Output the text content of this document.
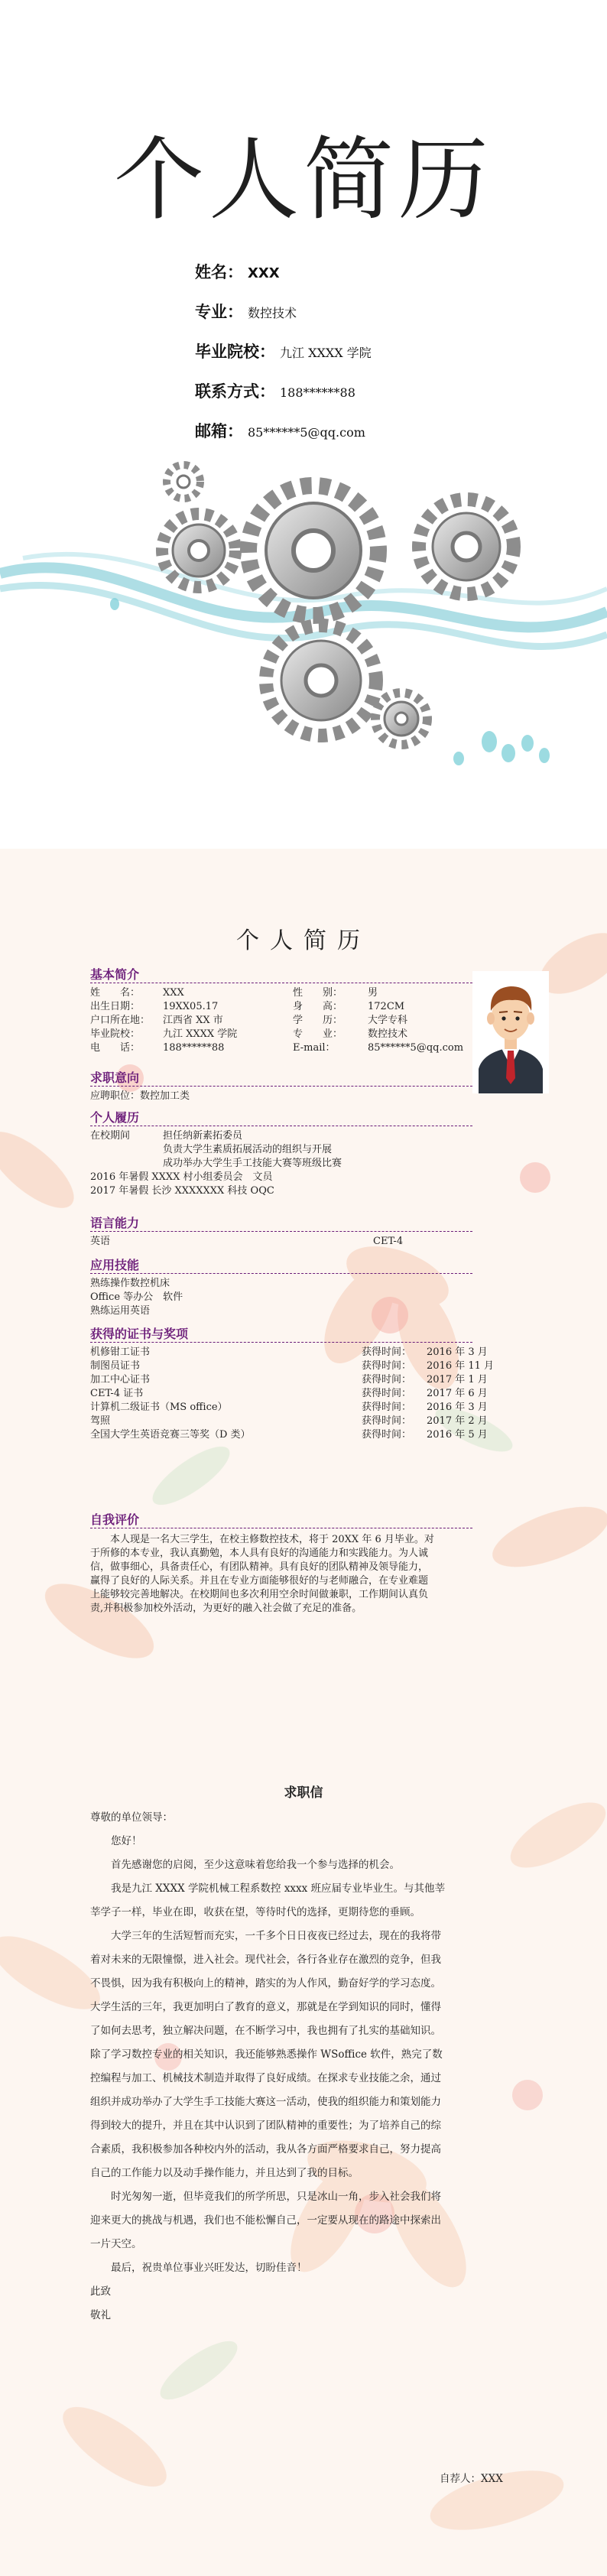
个人简历
姓名： XXX
专业： 数控技术
毕业院校： 九江 XXXX 学院
联系方式： 188******88
邮箱： 85******5@qq.com
个人简历
基本简介
姓　　名： XXX	性　　别：	男
出生日期： 19XX05.17	身　　高：	172CM
户口所在地： 江西省 XX 市	学　　历：	大学专科
毕业院校： 九江 XXXX 学院	专　　业：	数控技术
电　　话： 188******88	E-mail：	85******5@qq.com
求职意向
应聘职位：数控加工类
个人履历
在校期间	担任纳新素拓委员
负责大学生素质拓展活动的组织与开展
成功举办大学生手工技能大赛等班级比赛
2016 年暑假 XXXX 村小组委员会　文员
2017 年暑假 长沙 XXXXXXX 科技 OQC
语言能力
英语	CET-4
应用技能
熟练操作数控机床
Office 等办公　软件
熟练运用英语
获得的证书与奖项
机修钳工证书	获得时间： 2016 年 3 月
制图员证书	获得时间： 2016 年 11 月
加工中心证书	获得时间： 2017 年 1 月
CET-4 证书	获得时间： 2017 年 6 月
计算机二级证书（MS office）	获得时间： 2016 年 3 月
驾照	获得时间： 2017 年 2 月
全国大学生英语竞赛三等奖（D 类）	获得时间： 2016 年 5 月
自我评价
　　本人现是一名大三学生，在校主修数控技术，将于 20XX 年 6 月毕业。对
于所修的本专业，我认真勤勉，本人具有良好的沟通能力和实践能力。为人诚
信，做事细心，具备责任心，有团队精神。具有良好的团队精神及领导能力，
赢得了良好的人际关系。并且在专业方面能够很好的与老师融合，在专业难题
上能够较完善地解决。在校期间也多次利用空余时间做兼职，工作期间认真负
责,并积极参加校外活动，为更好的融入社会做了充足的准备。
求职信

尊敬的单位领导：

您好！

首先感谢您的启阅，至少这意味着您给我一个参与选择的机会。

我是九江 XXXX 学院机械工程系数控 xxxx 班应届专业毕业生。与其他莘

莘学子一样，毕业在即，收获在望，等待时代的选择，更期待您的垂顾。

大学三年的生活短暂而充实，一千多个日日夜夜已经过去，现在的我将带

着对未来的无限憧憬，进入社会。现代社会，各行各业存在激烈的竞争，但我

不畏惧，因为我有积极向上的精神，踏实的为人作风，勤奋好学的学习态度。

大学生活的三年，我更加明白了教育的意义，那就是在学到知识的同时，懂得

了如何去思考，独立解决问题，在不断学习中，我也拥有了扎实的基础知识。

除了学习数控专业的相关知识，我还能够熟悉操作 WSoffice 软件，熟完了数

控编程与加工、机械技术制造并取得了良好成绩。在探求专业技能之余，通过

组织并成功举办了大学生手工技能大赛这一活动，使我的组织能力和策划能力

得到较大的提升，并且在其中认识到了团队精神的重要性；为了培养自己的综

合素质，我积极参加各种校内外的活动，我从各方面严格要求自己，努力提高

自己的工作能力以及动手操作能力，并且达到了我的目标。

时光匆匆一逝，但毕竟我们的所学所思，只是冰山一角，步入社会我们将

迎来更大的挑战与机遇，我们也不能松懈自己，一定要从现在的路途中探索出

一片天空。

最后，祝贵单位事业兴旺发达，切盼佳音！

此致

敬礼

自荐人：XXX
